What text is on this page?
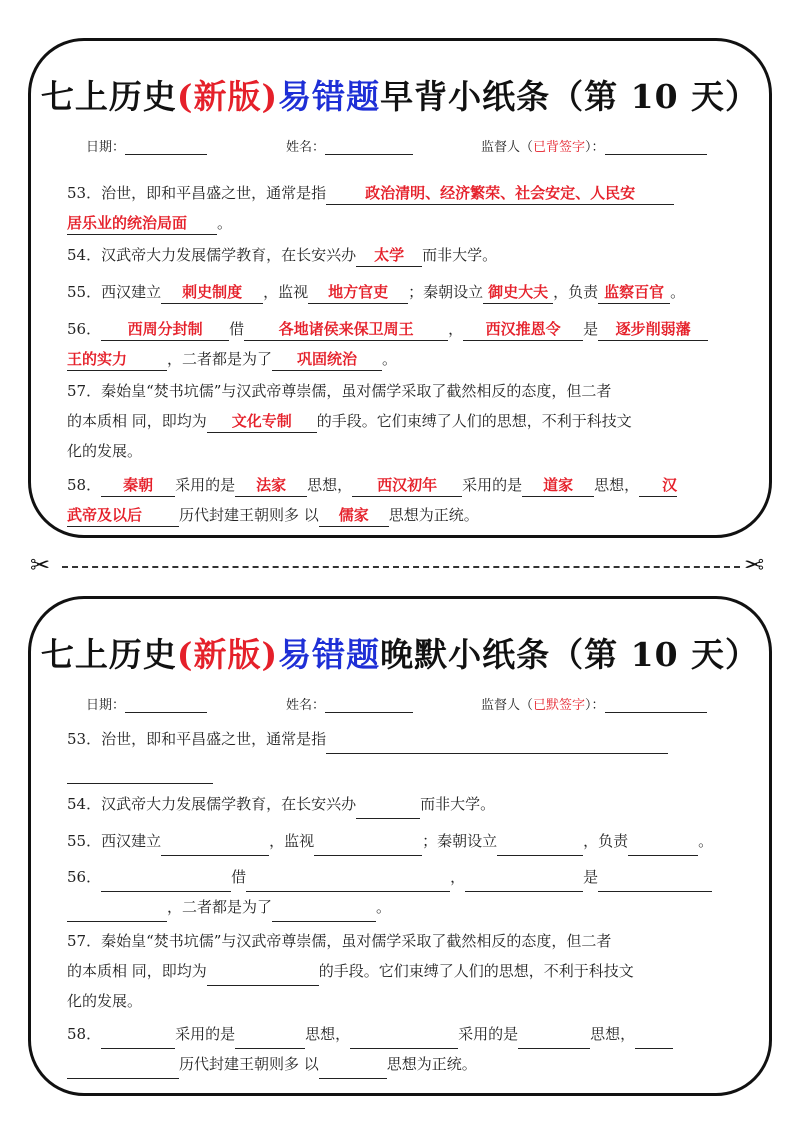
七上历史(新版)易错题早背小纸条（第 10 天）
日期：	姓名：	监督人（已背签字）：
53．治世，即和平昌盛之世，通常是指	政治清明、经济繁荣、社会安定、人民安
居乐业的统治局面 。
54．汉武帝大力发展儒学教育，在长安兴办 太学 而非大学。
55．西汉建立 刺史制度 ，监视 地方官吏 ；秦朝设立 御史大夫 ，负责 监察百官 。
56． 西周分封制 借 各地诸侯来保卫周王 ， 西汉推恩令 是 逐步削弱藩
王的实力	，二者都是为了 巩固统治 。
57．秦始皇“焚书坑儒”与汉武帝尊崇儒，虽对儒学采取了截然相反的态度，但二者
的本质相 同，即均为 文化专制 的手段。它们束缚了人们的思想，不利于科技文
化的发展。
58． 秦朝 采用的是 法家 思想， 西汉初年 采用的是 道家 思想， 汉
武帝及以后 历代封建王朝则多 以 儒家 思想为正统。
✂	✂
七上历史(新版)易错题晚默小纸条（第 10 天）
日期：	姓名：	监督人（已默签字）：
53．治世，即和平昌盛之世，通常是指
54．汉武帝大力发展儒学教育，在长安兴办	而非大学。
55．西汉建立	，监视	；秦朝设立	，负责	。
56．	借	，	是
，二者都是为了	。
57．秦始皇“焚书坑儒”与汉武帝尊崇儒，虽对儒学采取了截然相反的态度，但二者
的本质相 同，即均为	的手段。它们束缚了人们的思想，不利于科技文
化的发展。
58．	采用的是	思想，	采用的是	思想，
历代封建王朝则多 以	思想为正统。
